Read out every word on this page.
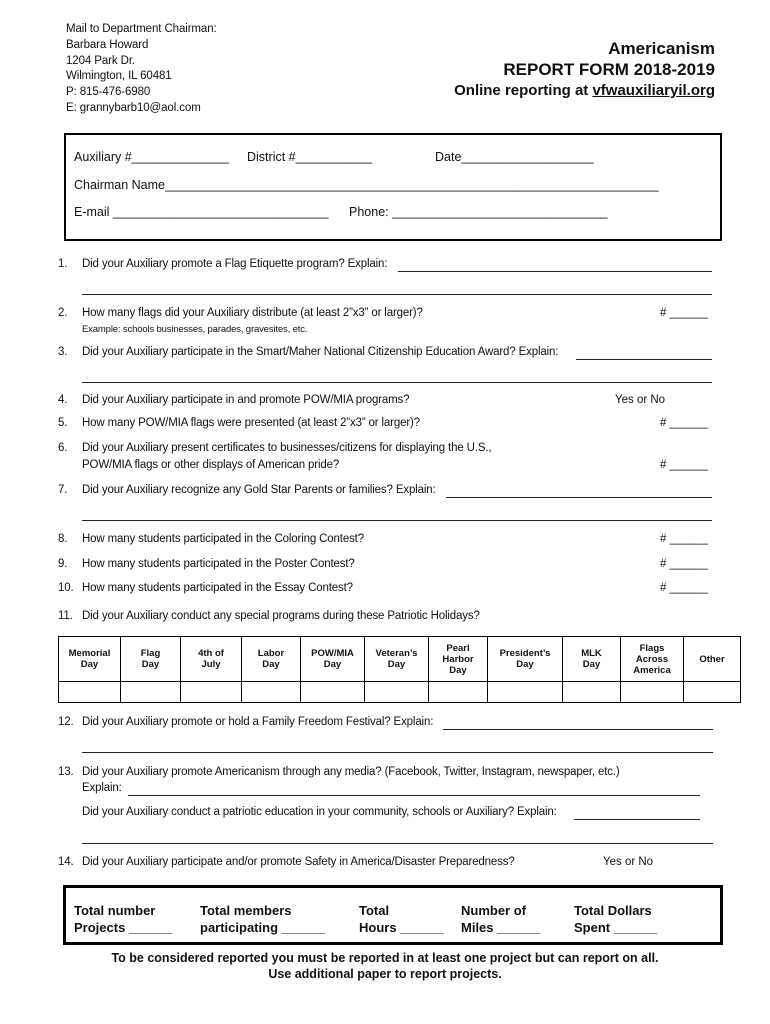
Mail to Department Chairman:
Barbara Howard
1204 Park Dr.
Wilmington, IL 60481
P: 815-476-6980
E: grannybarb10@aol.com
Americanism
REPORT FORM 2018-2019
Online reporting at vfwauxiliaryil.org
Auxiliary #______________ District #___________	Date___________________
Chairman Name_______________________________________________________________________
E-mail _______________________________ Phone: _______________________________
1. Did your Auxiliary promote a Flag Etiquette program? Explain:
2. How many flags did your Auxiliary distribute (at least 2”x3” or larger)?
Example: schools businesses, parades, gravesites, etc.
# ______
3. Did your Auxiliary participate in the Smart/Maher National Citizenship Education Award? Explain:
4. Did your Auxiliary participate in and promote POW/MIA programs?	Yes or No
5. How many POW/MIA flags were presented (at least 2”x3” or larger)?	# ______
6. Did your Auxiliary present certificates to businesses/citizens for displaying the U.S.,
POW/MIA flags or other displays of American pride?	# ______
7. Did your Auxiliary recognize any Gold Star Parents or families? Explain:
8. How many students participated in the Coloring Contest?	# ______
9. How many students participated in the Poster Contest?	# ______
10. How many students participated in the Essay Contest?	# ______
11. Did your Auxiliary conduct any special programs during these Patriotic Holidays?
Memorial
Day	Flag
Day	4th of
July	Labor
Day	POW/MIA
Day	Veteran’s
Day	Pearl
Harbor
Day	President’s
Day	MLK
Day	Flags
Across
America	Other

12. Did your Auxiliary promote or hold a Family Freedom Festival? Explain:
13. Did your Auxiliary promote Americanism through any media? (Facebook, Twitter, Instagram, newspaper, etc.)
Explain:
Did your Auxiliary conduct a patriotic education in your community, schools or Auxiliary? Explain:
14. Did your Auxiliary participate and/or promote Safety in America/Disaster Preparedness?	Yes or No
Total number
Projects ______
Total members
participating ______
Total
Hours ______
Number of
Miles ______
Total Dollars
Spent ______
To be considered reported you must be reported in at least one project but can report on all.
Use additional paper to report projects.
